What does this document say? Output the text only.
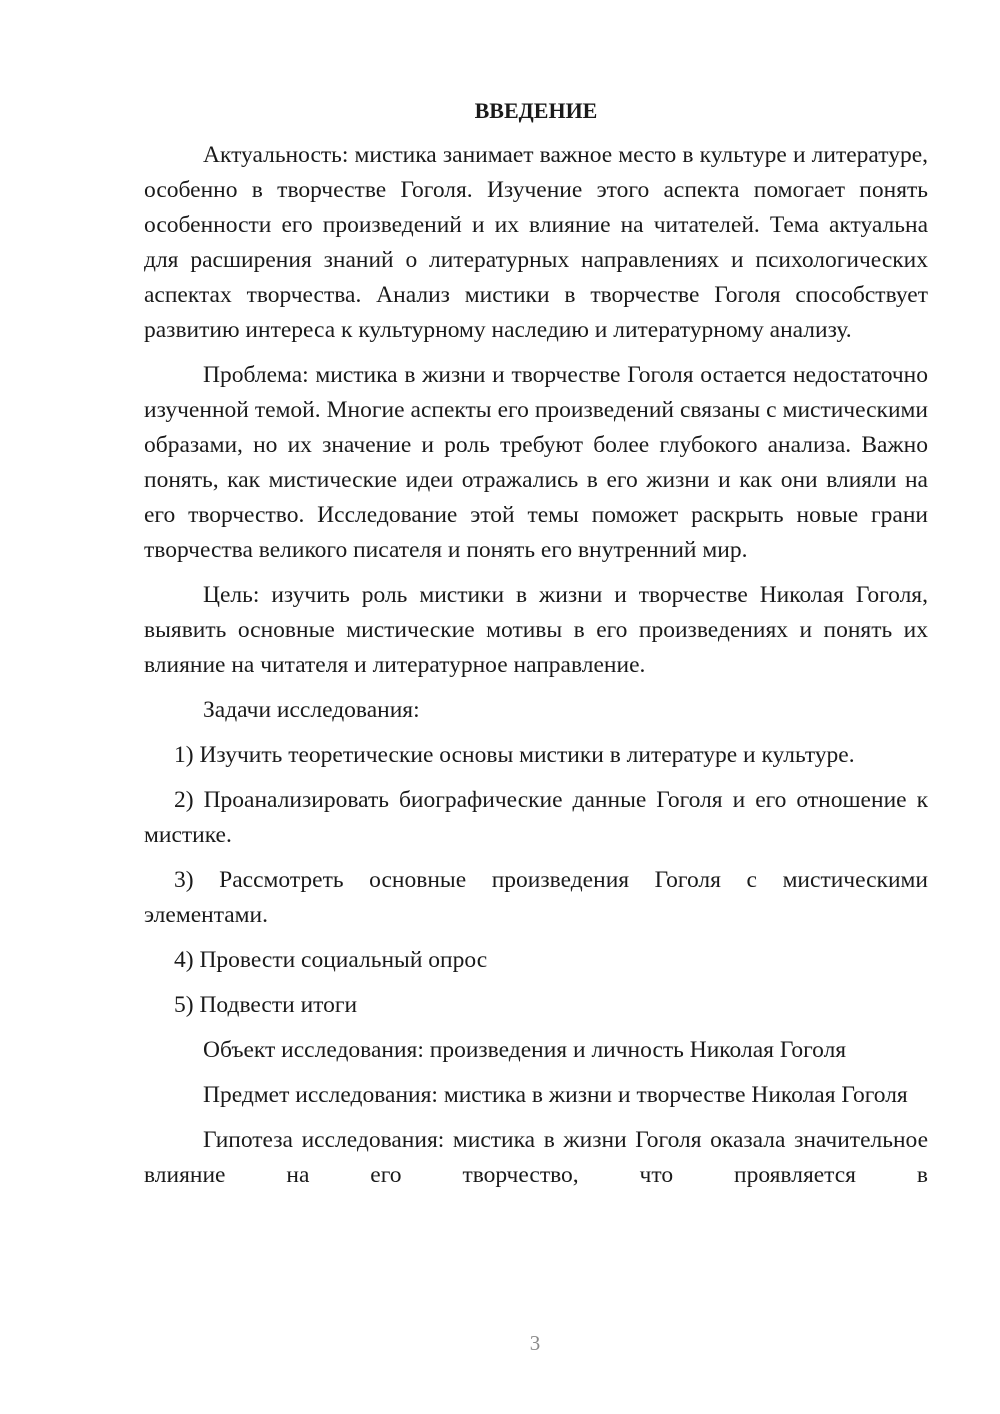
ВВЕДЕНИЕ

Актуальность: мистика занимает важное место в культуре и литературе, особенно в творчестве Гоголя. Изучение этого аспекта помогает понять особенности его произведений и их влияние на читателей. Тема актуальна для расширения знаний о литературных направлениях и психологических аспектах творчества. Анализ мистики в творчестве Гоголя способствует развитию интереса к культурному наследию и литературному анализу.

Проблема: мистика в жизни и творчестве Гоголя остается недостаточно изученной темой. Многие аспекты его произведений связаны с мистическими образами, но их значение и роль требуют более глубокого анализа. Важно понять, как мистические идеи отражались в его жизни и как они влияли на его творчество. Исследование этой темы поможет раскрыть новые грани творчества великого писателя и понять его внутренний мир.

Цель: изучить роль мистики в жизни и творчестве Николая Гоголя, выявить основные мистические мотивы в его произведениях и понять их влияние на читателя и литературное направление.

Задачи исследования:

1) Изучить теоретические основы мистики в литературе и культуре.

2) Проанализировать биографические данные Гоголя и его отношение к мистике.

3) Рассмотреть основные произведения Гоголя с мистическими элементами.

4) Провести социальный опрос

5) Подвести итоги

Объект исследования: произведения и личность Николая Гоголя

Предмет исследования: мистика в жизни и творчестве Николая Гоголя

Гипотеза исследования: мистика в жизни Гоголя оказала значительное влияние на его творчество, что проявляется в

3
